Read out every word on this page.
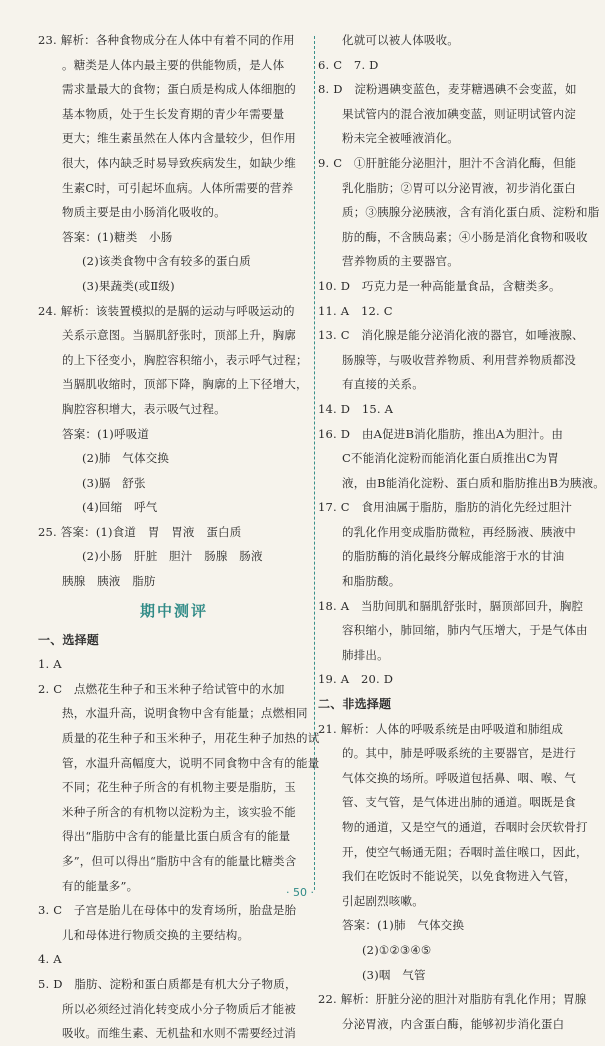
23. 解析：各种食物成分在人体中有着不同的作用
。糖类是人体内最主要的供能物质，是人体
需求量最大的食物；蛋白质是构成人体细胞的
基本物质，处于生长发育期的青少年需要量
更大；维生素虽然在人体内含量较少，但作用
很大，体内缺乏时易导致疾病发生，如缺少维
生素C时，可引起坏血病。人体所需要的营养
物质主要是由小肠消化吸收的。
答案：(1)糖类　小肠
(2)该类食物中含有较多的蛋白质
(3)果蔬类(或Ⅱ级)
24. 解析：该装置模拟的是膈的运动与呼吸运动的
关系示意图。当膈肌舒张时，顶部上升，胸廓
的上下径变小，胸腔容积缩小，表示呼气过程；
当膈肌收缩时，顶部下降，胸廓的上下径增大，
胸腔容积增大，表示吸气过程。
答案：(1)呼吸道
(2)肺　气体交换
(3)膈　舒张
(4)回缩　呼气
25. 答案：(1)食道　胃　胃液　蛋白质
(2)小肠　肝脏　胆汁　肠腺　肠液
胰腺　胰液　脂肪
期中测评
一、选择题
1. A
2. C　点燃花生种子和玉米种子给试管中的水加
热，水温升高，说明食物中含有能量；点燃相同
质量的花生种子和玉米种子，用花生种子加热的试
管，水温升高幅度大，说明不同食物中含有的能量
不同；花生种子所含的有机物主要是脂肪，玉
米种子所含的有机物以淀粉为主，该实验不能
得出“脂肪中含有的能量比蛋白质含有的能量
多”，但可以得出“脂肪中含有的能量比糖类含
有的能量多”。
3. C　子宫是胎儿在母体中的发育场所，胎盘是胎
儿和母体进行物质交换的主要结构。
4. A
5. D　脂肪、淀粉和蛋白质都是有机大分子物质，
所以必须经过消化转变成小分子物质后才能被
吸收。而维生素、无机盐和水则不需要经过消
化就可以被人体吸收。
6. C　7. D
8. D　淀粉遇碘变蓝色，麦芽糖遇碘不会变蓝，如
果试管内的混合液加碘变蓝，则证明试管内淀
粉未完全被唾液消化。
9. C　①肝脏能分泌胆汁，胆汁不含消化酶，但能
乳化脂肪；②胃可以分泌胃液，初步消化蛋白
质；③胰腺分泌胰液，含有消化蛋白质、淀粉和脂
肪的酶，不含胰岛素；④小肠是消化食物和吸收
营养物质的主要器官。
10. D　巧克力是一种高能量食品，含糖类多。
11. A　12. C
13. C　消化腺是能分泌消化液的器官，如唾液腺、
肠腺等，与吸收营养物质、利用营养物质都没
有直接的关系。
14. D　15. A
16. D　由A促进B消化脂肪，推出A为胆汁。由
C不能消化淀粉而能消化蛋白质推出C为胃
液，由B能消化淀粉、蛋白质和脂肪推出B为胰液。
17. C　食用油属于脂肪，脂肪的消化先经过胆汁
的乳化作用变成脂肪微粒，再经肠液、胰液中
的脂肪酶的消化最终分解成能溶于水的甘油
和脂肪酸。
18. A　当肋间肌和膈肌舒张时，膈顶部回升，胸腔
容积缩小，肺回缩，肺内气压增大，于是气体由
肺排出。
19. A　20. D
二、非选择题
21. 解析：人体的呼吸系统是由呼吸道和肺组成
的。其中，肺是呼吸系统的主要器官，是进行
气体交换的场所。呼吸道包括鼻、咽、喉、气
管、支气管，是气体进出肺的通道。咽既是食
物的通道，又是空气的通道，吞咽时会厌软骨打
开，使空气畅通无阻；吞咽时盖住喉口，因此，
我们在吃饭时不能说笑，以免食物进入气管，
引起剧烈咳嗽。
答案：(1)肺　气体交换
(2)①②③④⑤
(3)咽　气管
22. 解析：肝脏分泌的胆汁对脂肪有乳化作用；胃腺
分泌胃液，内含蛋白酶，能够初步消化蛋白
· 50 ·
